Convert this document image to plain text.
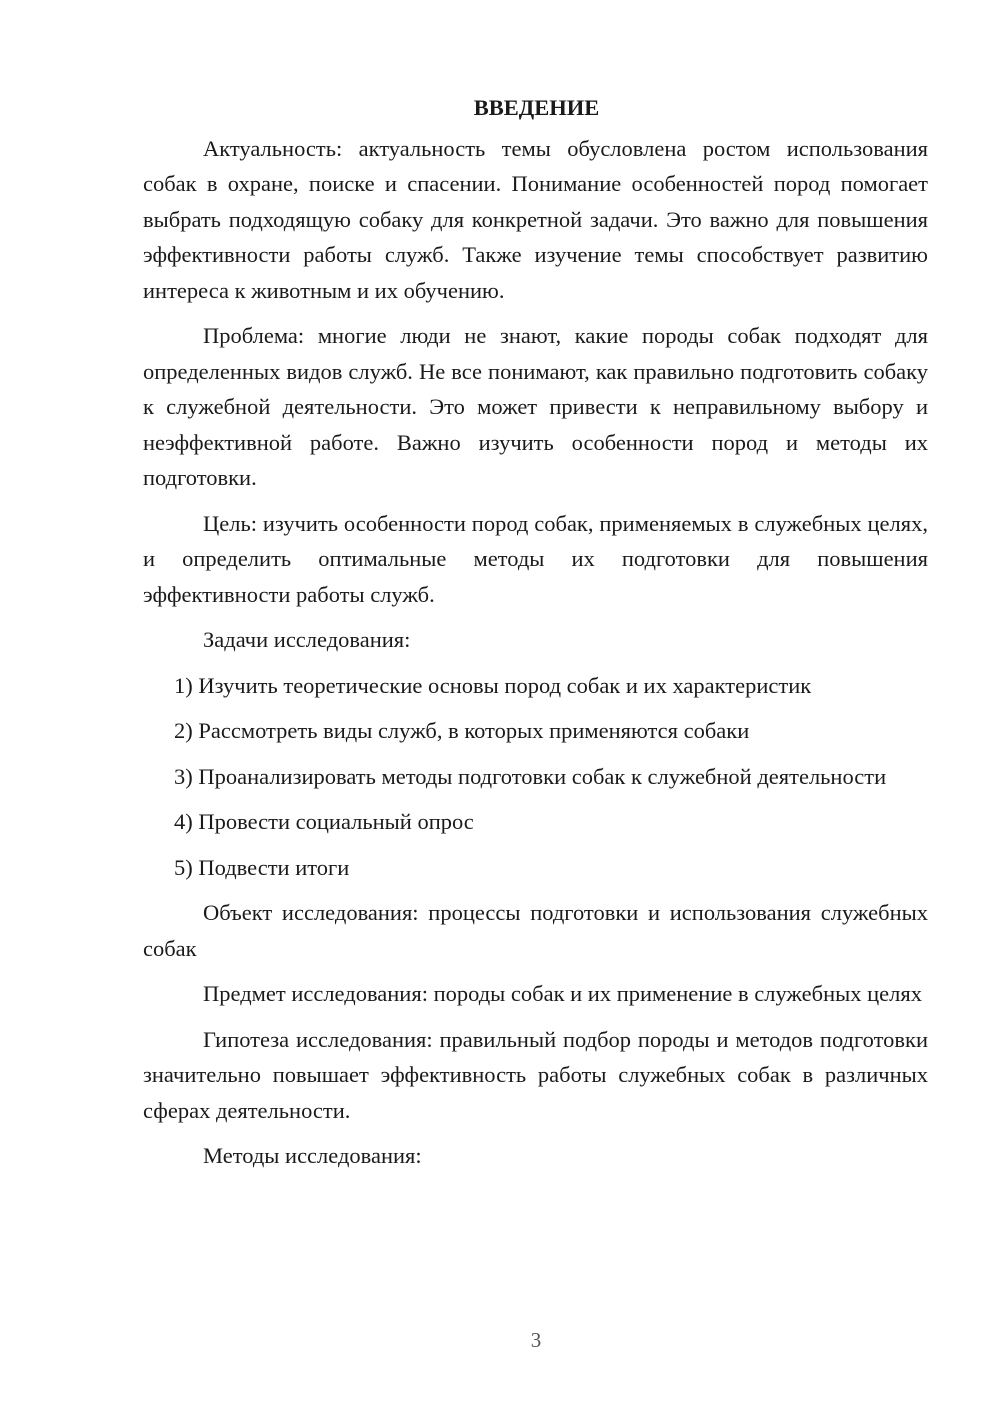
ВВЕДЕНИЕ

Актуальность: актуальность темы обусловлена ростом использования собак в охране, поиске и спасении. Понимание особенностей пород помогает выбрать подходящую собаку для конкретной задачи. Это важно для повышения эффективности работы служб. Также изучение темы способствует развитию интереса к животным и их обучению.

Проблема: многие люди не знают, какие породы собак подходят для определенных видов служб. Не все понимают, как правильно подготовить собаку к служебной деятельности. Это может привести к неправильному выбору и неэффективной работе. Важно изучить особенности пород и методы их подготовки.

Цель: изучить особенности пород собак, применяемых в служебных целях, и определить оптимальные методы их подготовки для повышения эффективности работы служб.

Задачи исследования:

1) Изучить теоретические основы пород собак и их характеристик

2) Рассмотреть виды служб, в которых применяются собаки

3) Проанализировать методы подготовки собак к служебной деятельности

4) Провести социальный опрос

5) Подвести итоги

Объект исследования: процессы подготовки и использования служебных собак

Предмет исследования: породы собак и их применение в служебных целях

Гипотеза исследования: правильный подбор породы и методов подготовки значительно повышает эффективность работы служебных собак в различных сферах деятельности.

Методы исследования:

3
